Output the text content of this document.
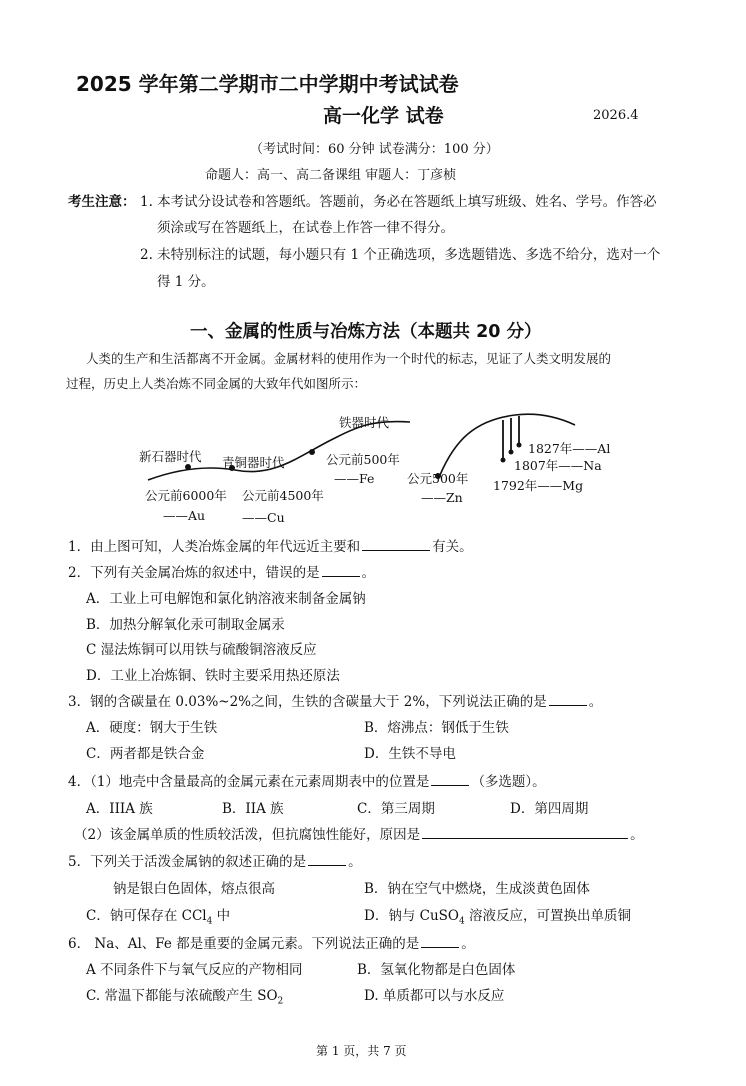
2025 学年第二学期市二中学期中考试试卷
高一化学 试卷	2026.4
（考试时间：60 分钟 试卷满分：100 分）
命题人：高一、高二备课组 审题人：丁彦桢
考生注意： 1. 本考试分设试卷和答题纸。答题前，务必在答题纸上填写班级、姓名、学号。作答必
须涂或写在答题纸上，在试卷上作答一律不得分。
2. 未特别标注的试题，每小题只有 1 个正确选项，多选题错选、多选不给分，选对一个
得 1 分。
一、金属的性质与冶炼方法（本题共 20 分）
人类的生产和生活都离不开金属。金属材料的使用作为一个时代的标志，见证了人类文明发展的
过程，历史上人类冶炼不同金属的大致年代如图所示：
新石器时代 青铜器时代
铁器时代
公元前6000年
——Au
公元前4500年
——Cu
公元前500年
——Fe	公元500年
——Zn
1827年——Al
1807年——Na
1792年——Mg
1．由上图可知，人类冶炼金属的年代远近主要和	有关。
2．下列有关金属冶炼的叙述中，错误的是	。
A．工业上可电解饱和氯化钠溶液来制备金属钠
B．加热分解氧化汞可制取金属汞
C 湿法炼铜可以用铁与硫酸铜溶液反应
D．工业上冶炼铜、铁时主要采用热还原法
3．钢的含碳量在 0.03%~2%之间，生铁的含碳量大于 2%，下列说法正确的是	。
A．硬度：钢大于生铁	B．熔沸点：钢低于生铁
C．两者都是铁合金	D．生铁不导电
4．（1）地壳中含量最高的金属元素在元素周期表中的位置是	（多选题）。
A．IIIA 族	B．IIA 族	C．第三周期	D．第四周期
（2）该金属单质的性质较活泼，但抗腐蚀性能好，原因是	。
5．下列关于活泼金属钠的叙述正确的是	。
钠是银白色固体，熔点很高	B．钠在空气中燃烧，生成淡黄色固体
C．钠可保存在 CCl$_4$ 中	D．钠与 CuSO$_4$ 溶液反应，可置换出单质铜
6． Na、Al、Fe 都是重要的金属元素。下列说法正确的是	。
A 不同条件下与氧气反应的产物相同	B．氢氧化物都是白色固体
C. 常温下都能与浓硫酸产生 $SO_2$	D. 单质都可以与水反应
第 1 页，共 7 页
